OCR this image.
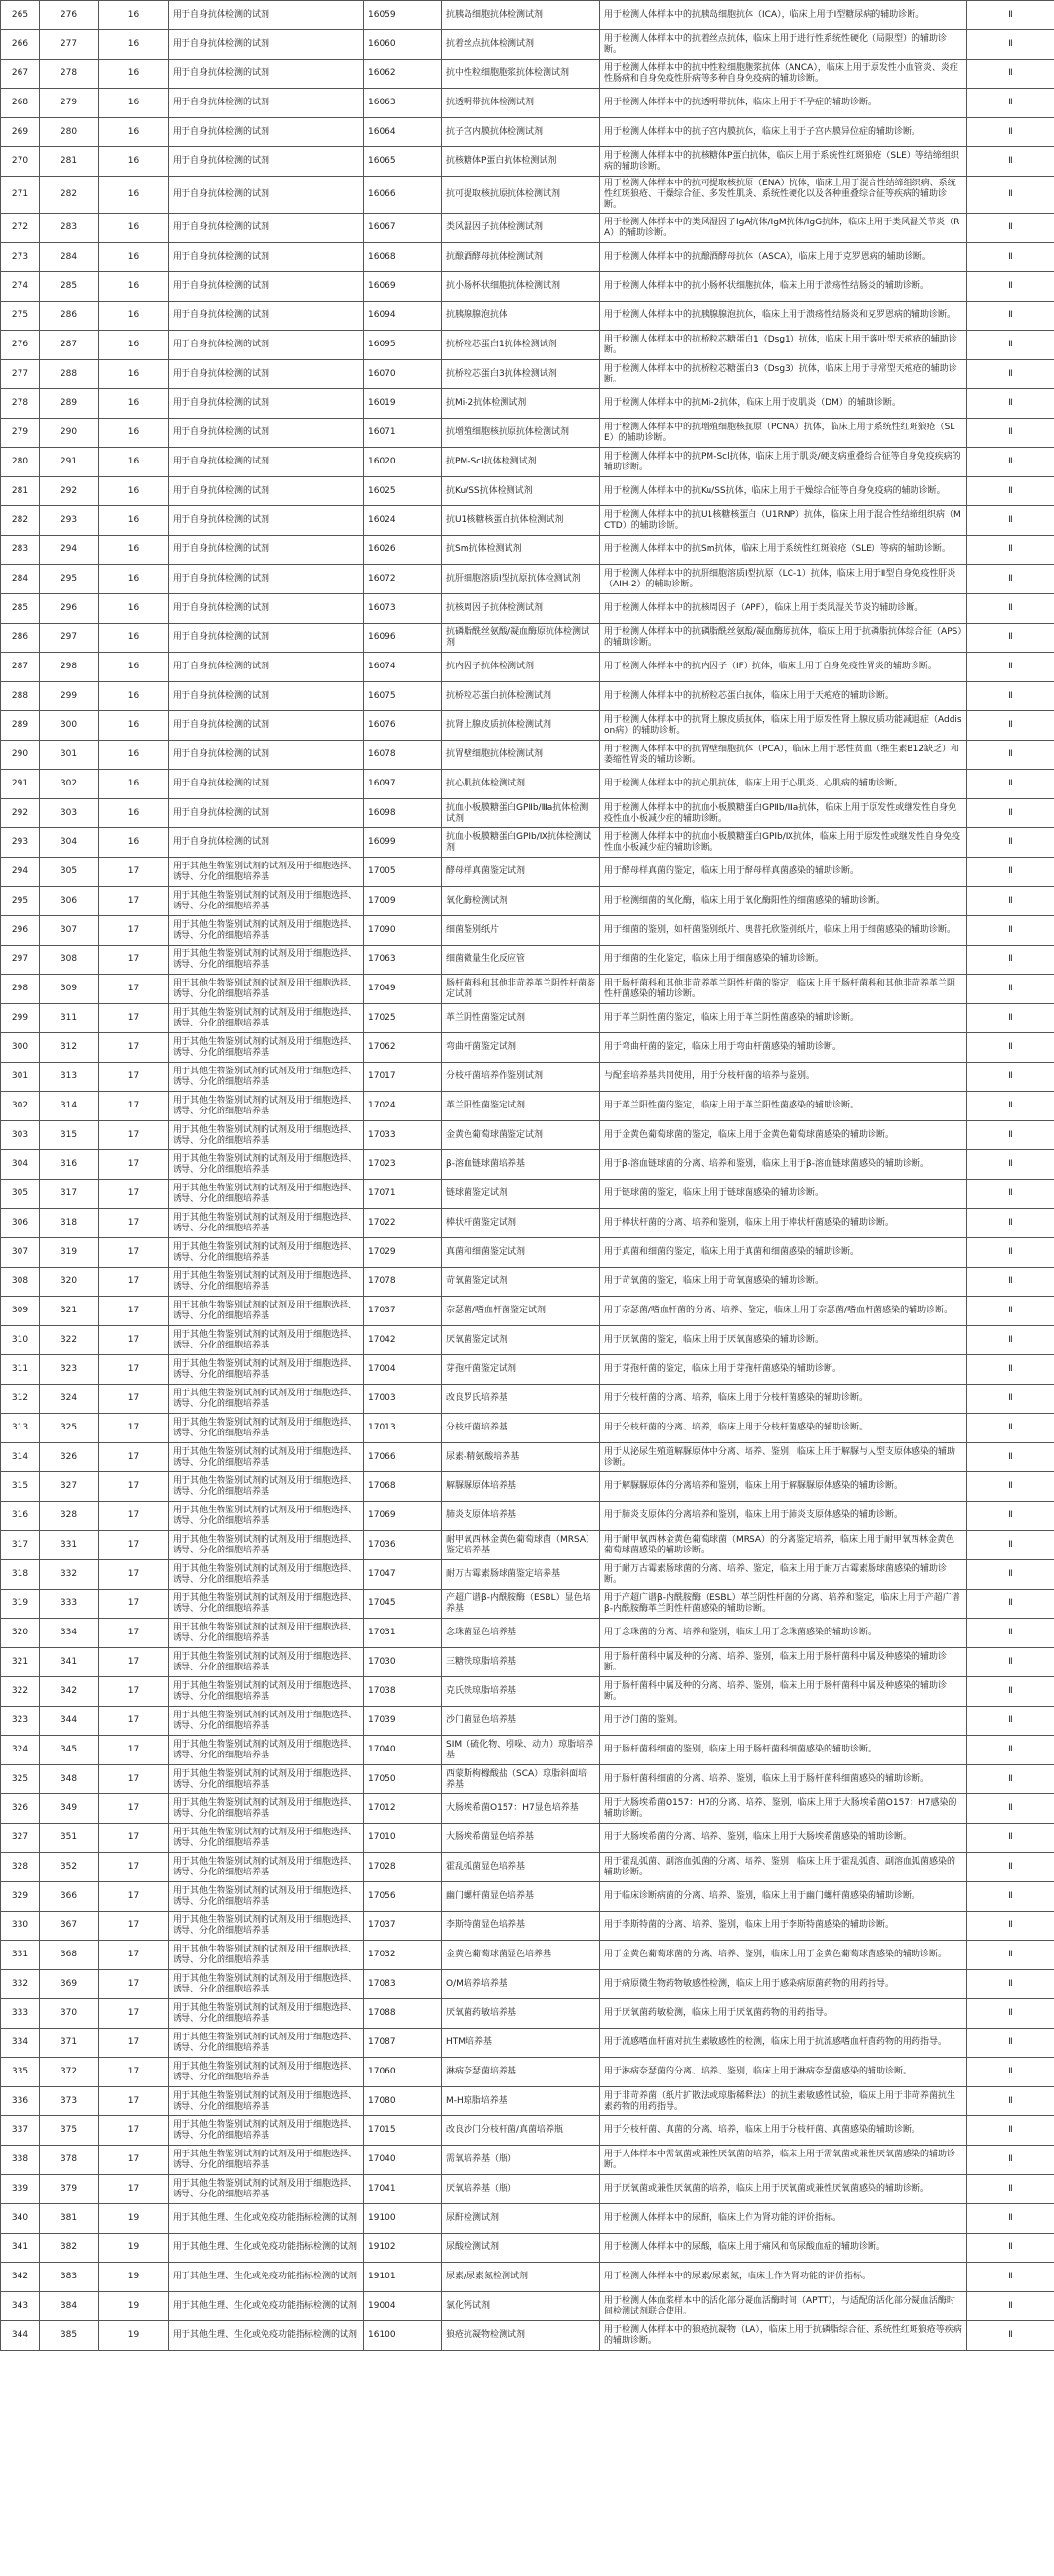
265	276	16	用于自身抗体检测的试剂	16059	抗胰岛细胞抗体检测试剂	用于检测人体样本中的抗胰岛细胞抗体（ICA），临床上用于Ⅰ型糖尿病的辅助诊断。	Ⅱ
266	277	16	用于自身抗体检测的试剂	16060	抗着丝点抗体检测试剂	用于检测人体样本中的抗着丝点抗体，临床上用于进行性系统性硬化（局限型）的辅助诊断。	Ⅱ
267	278	16	用于自身抗体检测的试剂	16062	抗中性粒细胞胞浆抗体检测试剂	用于检测人体样本中的抗中性粒细胞胞浆抗体（ANCA），临床上用于原发性小血管炎、炎症性肠病和自身免疫性肝病等多种自身免疫病的辅助诊断。	Ⅱ
268	279	16	用于自身抗体检测的试剂	16063	抗透明带抗体检测试剂	用于检测人体样本中的抗透明带抗体，临床上用于不孕症的辅助诊断。	Ⅱ
269	280	16	用于自身抗体检测的试剂	16064	抗子宫内膜抗体检测试剂	用于检测人体样本中的抗子宫内膜抗体，临床上用于子宫内膜异位症的辅助诊断。	Ⅱ
270	281	16	用于自身抗体检测的试剂	16065	抗核糖体P蛋白抗体检测试剂	用于检测人体样本中的抗核糖体P蛋白抗体，临床上用于系统性红斑狼疮（SLE）等结缔组织病的辅助诊断。	Ⅱ
271	282	16	用于自身抗体检测的试剂	16066	抗可提取核抗原抗体检测试剂	用于检测人体样本中的抗可提取核抗原（ENA）抗体，临床上用于混合性结缔组织病、系统性红斑狼疮、干燥综合征、多发性肌炎、系统性硬化以及各种重叠综合征等疾病的辅助诊断。	Ⅱ
272	283	16	用于自身抗体检测的试剂	16067	类风湿因子抗体检测试剂	用于检测人体样本中的类风湿因子IgA抗体/IgM抗体/IgG抗体，临床上用于类风湿关节炎（RA）的辅助诊断。	Ⅱ
273	284	16	用于自身抗体检测的试剂	16068	抗酿酒酵母抗体检测试剂	用于检测人体样本中的抗酿酒酵母抗体（ASCA），临床上用于克罗恩病的辅助诊断。	Ⅱ
274	285	16	用于自身抗体检测的试剂	16069	抗小肠杯状细胞抗体检测试剂	用于检测人体样本中的抗小肠杯状细胞抗体，临床上用于溃疡性结肠炎的辅助诊断。	Ⅱ
275	286	16	用于自身抗体检测的试剂	16094	抗胰腺腺泡抗体	用于检测人体样本中的抗胰腺腺泡抗体，临床上用于溃疡性结肠炎和克罗恩病的辅助诊断。	Ⅱ
276	287	16	用于自身抗体检测的试剂	16095	抗桥粒芯蛋白1抗体检测试剂	用于检测人体样本中的抗桥粒芯糖蛋白1（Dsg1）抗体，临床上用于落叶型天疱疮的辅助诊断。	Ⅱ
277	288	16	用于自身抗体检测的试剂	16070	抗桥粒芯蛋白3抗体检测试剂	用于检测人体样本中的抗桥粒芯糖蛋白3（Dsg3）抗体，临床上用于寻常型天疱疮的辅助诊断。	Ⅱ
278	289	16	用于自身抗体检测的试剂	16019	抗Mi-2抗体检测试剂	用于检测人体样本中的抗Mi-2抗体，临床上用于皮肌炎（DM）的辅助诊断。	Ⅱ
279	290	16	用于自身抗体检测的试剂	16071	抗增殖细胞核抗原抗体检测试剂	用于检测人体样本中的抗增殖细胞核抗原（PCNA）抗体，临床上用于系统性红斑狼疮（SLE）的辅助诊断。	Ⅱ
280	291	16	用于自身抗体检测的试剂	16020	抗PM-Scl抗体检测试剂	用于检测人体样本中的抗PM-Scl抗体，临床上用于肌炎/硬皮病重叠综合征等自身免疫疾病的辅助诊断。	Ⅱ
281	292	16	用于自身抗体检测的试剂	16025	抗Ku/SS抗体检测试剂	用于检测人体样本中的抗Ku/SS抗体，临床上用于干燥综合征等自身免疫病的辅助诊断。	Ⅱ
282	293	16	用于自身抗体检测的试剂	16024	抗U1核糖核蛋白抗体检测试剂	用于检测人体样本中的抗U1核糖核蛋白（U1RNP）抗体，临床上用于混合性结缔组织病（MCTD）的辅助诊断。	Ⅱ
283	294	16	用于自身抗体检测的试剂	16026	抗Sm抗体检测试剂	用于检测人体样本中的抗Sm抗体，临床上用于系统性红斑狼疮（SLE）等病的辅助诊断。	Ⅱ
284	295	16	用于自身抗体检测的试剂	16072	抗肝细胞溶质Ⅰ型抗原抗体检测试剂	用于检测人体样本中的抗肝细胞溶质Ⅰ型抗原（LC-1）抗体，临床上用于Ⅱ型自身免疫性肝炎（AIH-2）的辅助诊断。	Ⅱ
285	296	16	用于自身抗体检测的试剂	16073	抗核周因子抗体检测试剂	用于检测人体样本中的抗核周因子（APF），临床上用于类风湿关节炎的辅助诊断。	Ⅱ
286	297	16	用于自身抗体检测的试剂	16096	抗磷脂酰丝氨酸/凝血酶原抗体检测试剂	用于检测人体样本中的抗磷脂酰丝氨酸/凝血酶原抗体，临床上用于抗磷脂抗体综合征（APS）的辅助诊断。	Ⅱ
287	298	16	用于自身抗体检测的试剂	16074	抗内因子抗体检测试剂	用于检测人体样本中的抗内因子（IF）抗体，临床上用于自身免疫性胃炎的辅助诊断。	Ⅱ
288	299	16	用于自身抗体检测的试剂	16075	抗桥粒芯蛋白抗体检测试剂	用于检测人体样本中的抗桥粒芯蛋白抗体，临床上用于天疱疮的辅助诊断。	Ⅱ
289	300	16	用于自身抗体检测的试剂	16076	抗肾上腺皮质抗体检测试剂	用于检测人体样本中的抗肾上腺皮质抗体，临床上用于原发性肾上腺皮质功能减退症（Addison病）的辅助诊断。	Ⅱ
290	301	16	用于自身抗体检测的试剂	16078	抗胃壁细胞抗体检测试剂	用于检测人体样本中的抗胃壁细胞抗体（PCA），临床上用于恶性贫血（维生素B12缺乏）和萎缩性胃炎的辅助诊断。	Ⅱ
291	302	16	用于自身抗体检测的试剂	16097	抗心肌抗体检测试剂	用于检测人体样本中的抗心肌抗体，临床上用于心肌炎、心肌病的辅助诊断。	Ⅱ
292	303	16	用于自身抗体检测的试剂	16098	抗血小板膜糖蛋白GPⅡb/Ⅲa抗体检测试剂	用于检测人体样本中的抗血小板膜糖蛋白GPⅡb/Ⅲa抗体，临床上用于原发性或继发性自身免疫性血小板减少症的辅助诊断。	Ⅱ
293	304	16	用于自身抗体检测的试剂	16099	抗血小板膜糖蛋白GPⅠb/Ⅸ抗体检测试剂	用于检测人体样本中的抗血小板膜糖蛋白GPⅠb/Ⅸ抗体，临床上用于原发性或继发性自身免疫性血小板减少症的辅助诊断。	Ⅱ
294	305	17	用于其他生物鉴别试剂的试剂及用于细胞选择、诱导、分化的细胞培养基	17005	酵母样真菌鉴定试剂	用于酵母样真菌的鉴定，临床上用于酵母样真菌感染的辅助诊断。	Ⅱ
295	306	17	用于其他生物鉴别试剂的试剂及用于细胞选择、诱导、分化的细胞培养基	17009	氧化酶检测试剂	用于检测细菌的氧化酶，临床上用于氧化酶阳性的细菌感染的辅助诊断。	Ⅱ
296	307	17	用于其他生物鉴别试剂的试剂及用于细胞选择、诱导、分化的细胞培养基	17090	细菌鉴别纸片	用于细菌的鉴别，如杆菌鉴别纸片、奥普托欣鉴别纸片，临床上用于细菌感染的辅助诊断。	Ⅱ
297	308	17	用于其他生物鉴别试剂的试剂及用于细胞选择、诱导、分化的细胞培养基	17063	细菌微量生化反应管	用于细菌的生化鉴定，临床上用于细菌感染的辅助诊断。	Ⅱ
298	309	17	用于其他生物鉴别试剂的试剂及用于细胞选择、诱导、分化的细胞培养基	17049	肠杆菌科和其他非苛养革兰阴性杆菌鉴定试剂	用于肠杆菌科和其他非苛养革兰阴性杆菌的鉴定，临床上用于肠杆菌科和其他非苛养革兰阴性杆菌感染的辅助诊断。	Ⅱ
299	311	17	用于其他生物鉴别试剂的试剂及用于细胞选择、诱导、分化的细胞培养基	17025	革兰阴性菌鉴定试剂	用于革兰阴性菌的鉴定，临床上用于革兰阴性菌感染的辅助诊断。	Ⅱ
300	312	17	用于其他生物鉴别试剂的试剂及用于细胞选择、诱导、分化的细胞培养基	17062	弯曲杆菌鉴定试剂	用于弯曲杆菌的鉴定，临床上用于弯曲杆菌感染的辅助诊断。	Ⅱ
301	313	17	用于其他生物鉴别试剂的试剂及用于细胞选择、诱导、分化的细胞培养基	17017	分枝杆菌培养作鉴别试剂	与配套培养基共同使用，用于分枝杆菌的培养与鉴别。	Ⅱ
302	314	17	用于其他生物鉴别试剂的试剂及用于细胞选择、诱导、分化的细胞培养基	17024	革兰阳性菌鉴定试剂	用于革兰阳性菌的鉴定，临床上用于革兰阳性菌感染的辅助诊断。	Ⅱ
303	315	17	用于其他生物鉴别试剂的试剂及用于细胞选择、诱导、分化的细胞培养基	17033	金黄色葡萄球菌鉴定试剂	用于金黄色葡萄球菌的鉴定，临床上用于金黄色葡萄球菌感染的辅助诊断。	Ⅱ
304	316	17	用于其他生物鉴别试剂的试剂及用于细胞选择、诱导、分化的细胞培养基	17023	β-溶血链球菌培养基	用于β-溶血链球菌的分离、培养和鉴别，临床上用于β-溶血链球菌感染的辅助诊断。	Ⅱ
305	317	17	用于其他生物鉴别试剂的试剂及用于细胞选择、诱导、分化的细胞培养基	17071	链球菌鉴定试剂	用于链球菌的鉴定，临床上用于链球菌感染的辅助诊断。	Ⅱ
306	318	17	用于其他生物鉴别试剂的试剂及用于细胞选择、诱导、分化的细胞培养基	17022	棒状杆菌鉴定试剂	用于棒状杆菌的分离、培养和鉴别，临床上用于棒状杆菌感染的辅助诊断。	Ⅱ
307	319	17	用于其他生物鉴别试剂的试剂及用于细胞选择、诱导、分化的细胞培养基	17029	真菌和细菌鉴定试剂	用于真菌和细菌的鉴定，临床上用于真菌和细菌感染的辅助诊断。	Ⅱ
308	320	17	用于其他生物鉴别试剂的试剂及用于细胞选择、诱导、分化的细胞培养基	17078	苛氧菌鉴定试剂	用于苛氧菌的鉴定，临床上用于苛氧菌感染的辅助诊断。	Ⅱ
309	321	17	用于其他生物鉴别试剂的试剂及用于细胞选择、诱导、分化的细胞培养基	17037	奈瑟菌/嗜血杆菌鉴定试剂	用于奈瑟菌/嗜血杆菌的分离、培养、鉴定，临床上用于奈瑟菌/嗜血杆菌感染的辅助诊断。	Ⅱ
310	322	17	用于其他生物鉴别试剂的试剂及用于细胞选择、诱导、分化的细胞培养基	17042	厌氧菌鉴定试剂	用于厌氧菌的鉴定，临床上用于厌氧菌感染的辅助诊断。	Ⅱ
311	323	17	用于其他生物鉴别试剂的试剂及用于细胞选择、诱导、分化的细胞培养基	17004	芽孢杆菌鉴定试剂	用于芽孢杆菌的鉴定，临床上用于芽孢杆菌感染的辅助诊断。	Ⅱ
312	324	17	用于其他生物鉴别试剂的试剂及用于细胞选择、诱导、分化的细胞培养基	17003	改良罗氏培养基	用于分枝杆菌的分离、培养，临床上用于分枝杆菌感染的辅助诊断。	Ⅱ
313	325	17	用于其他生物鉴别试剂的试剂及用于细胞选择、诱导、分化的细胞培养基	17013	分枝杆菌培养基	用于分枝杆菌的分离、培养，临床上用于分枝杆菌感染的辅助诊断。	Ⅱ
314	326	17	用于其他生物鉴别试剂的试剂及用于细胞选择、诱导、分化的细胞培养基	17066	尿素-精氨酸培养基	用于从泌尿生殖道解脲原体中分离、培养、鉴别，临床上用于解脲与人型支原体感染的辅助诊断。	Ⅱ
315	327	17	用于其他生物鉴别试剂的试剂及用于细胞选择、诱导、分化的细胞培养基	17068	解脲脲原体培养基	用于解脲脲原体的分离培养和鉴别，临床上用于解脲脲原体感染的辅助诊断。	Ⅱ
316	328	17	用于其他生物鉴别试剂的试剂及用于细胞选择、诱导、分化的细胞培养基	17069	肺炎支原体培养基	用于肺炎支原体的分离培养和鉴别，临床上用于肺炎支原体感染的辅助诊断。	Ⅱ
317	331	17	用于其他生物鉴别试剂的试剂及用于细胞选择、诱导、分化的细胞培养基	17036	耐甲氧西林金黄色葡萄球菌（MRSA）鉴定培养基	用于耐甲氧西林金黄色葡萄球菌（MRSA）的分离鉴定培养，临床上用于耐甲氧西林金黄色葡萄球菌感染的辅助诊断。	Ⅱ
318	332	17	用于其他生物鉴别试剂的试剂及用于细胞选择、诱导、分化的细胞培养基	17047	耐万古霉素肠球菌鉴定培养基	用于耐万古霉素肠球菌的分离、培养、鉴定，临床上用于耐万古霉素肠球菌感染的辅助诊断。	Ⅱ
319	333	17	用于其他生物鉴别试剂的试剂及用于细胞选择、诱导、分化的细胞培养基	17045	产超广谱β-内酰胺酶（ESBL）显色培养基	用于产超广谱β-内酰胺酶（ESBL）革兰阴性杆菌的分离、培养和鉴定，临床上用于产超广谱β-内酰胺酶革兰阴性杆菌感染的辅助诊断。	Ⅱ
320	334	17	用于其他生物鉴别试剂的试剂及用于细胞选择、诱导、分化的细胞培养基	17031	念珠菌显色培养基	用于念珠菌的分离、培养和鉴别，临床上用于念珠菌感染的辅助诊断。	Ⅱ
321	341	17	用于其他生物鉴别试剂的试剂及用于细胞选择、诱导、分化的细胞培养基	17030	三糖铁琼脂培养基	用于肠杆菌科中属及种的分离、培养、鉴别，临床上用于肠杆菌科中属及种感染的辅助诊断。	Ⅱ
322	342	17	用于其他生物鉴别试剂的试剂及用于细胞选择、诱导、分化的细胞培养基	17038	克氏铁琼脂培养基	用于肠杆菌科中属及种的分离、培养、鉴别，临床上用于肠杆菌科中属及种感染的辅助诊断。	Ⅱ
323	344	17	用于其他生物鉴别试剂的试剂及用于细胞选择、诱导、分化的细胞培养基	17039	沙门菌显色培养基	用于沙门菌的鉴别。	Ⅱ
324	345	17	用于其他生物鉴别试剂的试剂及用于细胞选择、诱导、分化的细胞培养基	17040	SIM（硫化物、吲哚、动力）琼脂培养基	用于肠杆菌科细菌的鉴别，临床上用于肠杆菌科细菌感染的辅助诊断。	Ⅱ
325	348	17	用于其他生物鉴别试剂的试剂及用于细胞选择、诱导、分化的细胞培养基	17050	西蒙斯枸橼酸盐（SCA）琼脂斜面培养基	用于肠杆菌科细菌的分离、培养、鉴别，临床上用于肠杆菌科细菌感染的辅助诊断。	Ⅱ
326	349	17	用于其他生物鉴别试剂的试剂及用于细胞选择、诱导、分化的细胞培养基	17012	大肠埃希菌O157：H7显色培养基	用于大肠埃希菌O157：H7的分离、培养、鉴别，临床上用于大肠埃希菌O157：H7感染的辅助诊断。	Ⅱ
327	351	17	用于其他生物鉴别试剂的试剂及用于细胞选择、诱导、分化的细胞培养基	17010	大肠埃希菌显色培养基	用于大肠埃希菌的分离、培养、鉴别，临床上用于大肠埃希菌感染的辅助诊断。	Ⅱ
328	352	17	用于其他生物鉴别试剂的试剂及用于细胞选择、诱导、分化的细胞培养基	17028	霍乱弧菌显色培养基	用于霍乱弧菌、副溶血弧菌的分离、培养、鉴别，临床上用于霍乱弧菌、副溶血弧菌感染的辅助诊断。	Ⅱ
329	366	17	用于其他生物鉴别试剂的试剂及用于细胞选择、诱导、分化的细胞培养基	17056	幽门螺杆菌显色培养基	用于临床诊断病菌的分离、培养、鉴别，临床上用于幽门螺杆菌感染的辅助诊断。	Ⅱ
330	367	17	用于其他生物鉴别试剂的试剂及用于细胞选择、诱导、分化的细胞培养基	17037	李斯特菌显色培养基	用于李斯特菌的分离、培养、鉴别，临床上用于李斯特菌感染的辅助诊断。	Ⅱ
331	368	17	用于其他生物鉴别试剂的试剂及用于细胞选择、诱导、分化的细胞培养基	17032	金黄色葡萄球菌显色培养基	用于金黄色葡萄球菌的分离、培养、鉴别，临床上用于金黄色葡萄球菌感染的辅助诊断。	Ⅱ
332	369	17	用于其他生物鉴别试剂的试剂及用于细胞选择、诱导、分化的细胞培养基	17083	O/M培养培养基	用于病原微生物药物敏感性检测，临床上用于感染病原菌药物的用药指导。	Ⅱ
333	370	17	用于其他生物鉴别试剂的试剂及用于细胞选择、诱导、分化的细胞培养基	17088	厌氧菌药敏培养基	用于厌氧菌药敏检测，临床上用于厌氧菌药物的用药指导。	Ⅱ
334	371	17	用于其他生物鉴别试剂的试剂及用于细胞选择、诱导、分化的细胞培养基	17087	HTM培养基	用于流感嗜血杆菌对抗生素敏感性的检测，临床上用于抗流感嗜血杆菌药物的用药指导。	Ⅱ
335	372	17	用于其他生物鉴别试剂的试剂及用于细胞选择、诱导、分化的细胞培养基	17060	淋病奈瑟菌培养基	用于淋病奈瑟菌的分离、培养、鉴别，临床上用于淋病奈瑟菌感染的辅助诊断。	Ⅱ
336	373	17	用于其他生物鉴别试剂的试剂及用于细胞选择、诱导、分化的细胞培养基	17080	M-H琼脂培养基	用于非苛养菌（纸片扩散法或琼脂稀释法）的抗生素敏感性试验，临床上用于非苛养菌抗生素药物的用药指导。	Ⅱ
337	375	17	用于其他生物鉴别试剂的试剂及用于细胞选择、诱导、分化的细胞培养基	17015	改良沙门分枝杆菌/真菌培养瓶	用于分枝杆菌、真菌的分离、培养，临床上用于分枝杆菌、真菌感染的辅助诊断。	Ⅱ
338	378	17	用于其他生物鉴别试剂的试剂及用于细胞选择、诱导、分化的细胞培养基	17040	需氧培养基（瓶）	用于人体样本中需氧菌或兼性厌氧菌的培养，临床上用于需氧菌或兼性厌氧菌感染的辅助诊断。	Ⅱ
339	379	17	用于其他生物鉴别试剂的试剂及用于细胞选择、诱导、分化的细胞培养基	17041	厌氧培养基（瓶）	用于厌氧菌或兼性厌氧菌的培养，临床上用于厌氧菌或兼性厌氧菌感染的辅助诊断。	Ⅱ
340	381	19	用于其他生理、生化或免疫功能指标检测的试剂	19100	尿酐检测试剂	用于检测人体样本中的尿酐，临床上作为肾功能的评价指标。	Ⅱ
341	382	19	用于其他生理、生化或免疫功能指标检测的试剂	19102	尿酸检测试剂	用于检测人体样本中的尿酸，临床上用于痛风和高尿酸血症的辅助诊断。	Ⅱ
342	383	19	用于其他生理、生化或免疫功能指标检测的试剂	19101	尿素/尿素氮检测试剂	用于检测人体样本中的尿素/尿素氮，临床上作为肾功能的评价指标。	Ⅱ
343	384	19	用于其他生理、生化或免疫功能指标检测的试剂	19004	氯化钙试剂	用于检测人体血浆样本中的活化部分凝血活酶时间（APTT），与适配的活化部分凝血活酶时间检测试剂联合使用。	Ⅱ
344	385	19	用于其他生理、生化或免疫功能指标检测的试剂	16100	狼疮抗凝物检测试剂	用于检测人体样本中的狼疮抗凝物（LA），临床上用于抗磷脂综合征、系统性红斑狼疮等疾病的辅助诊断。	Ⅱ
